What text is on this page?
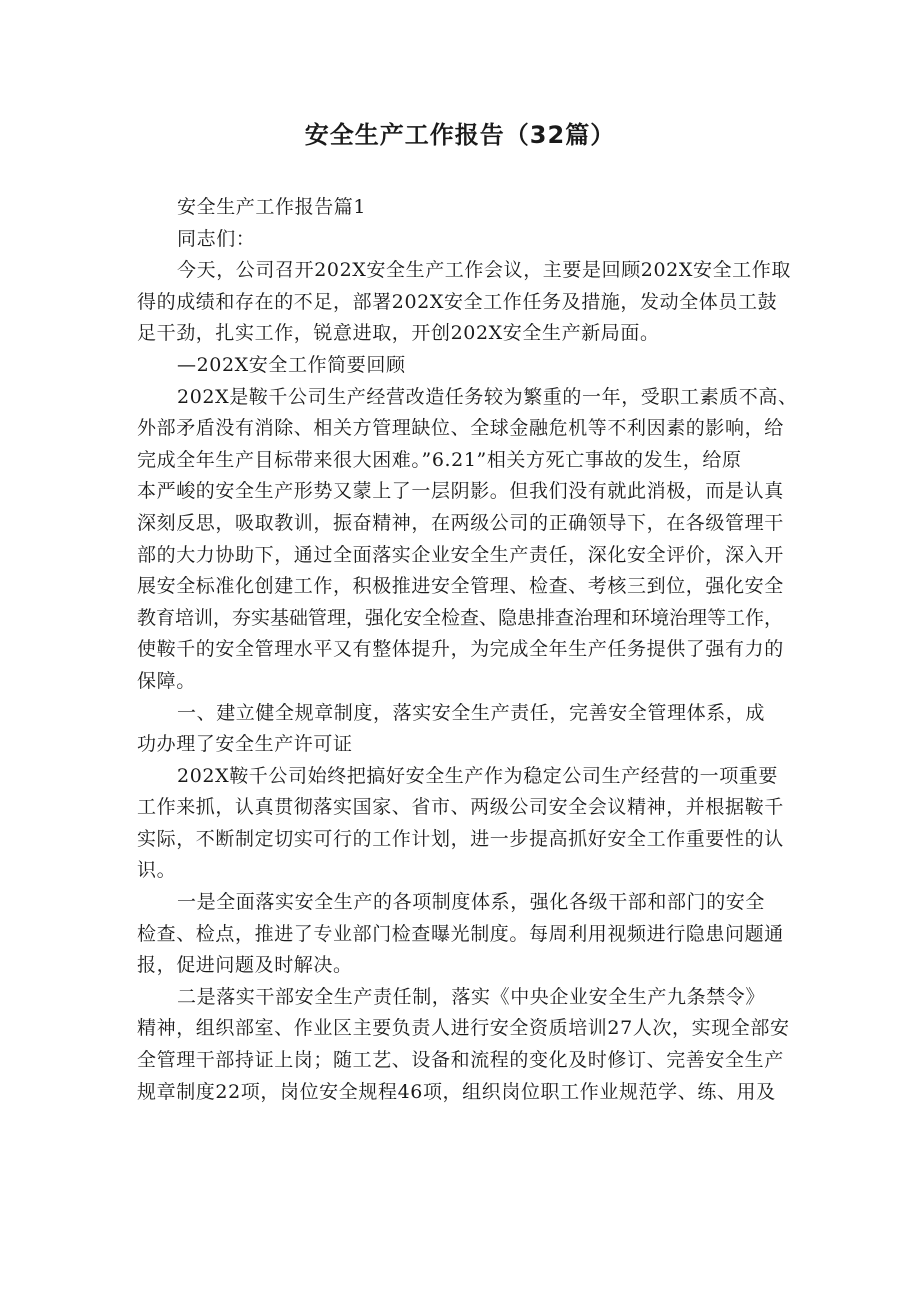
安全生产工作报告（32篇）
安全生产工作报告篇1
同志们：
今天，公司召开202X安全生产工作会议，主要是回顾202X安全工作取
得的成绩和存在的不足，部署202X安全工作任务及措施，发动全体员工鼓
足干劲，扎实工作，锐意进取，开创202X安全生产新局面。
—202X安全工作简要回顾
202X是鞍千公司生产经营改造任务较为繁重的一年，受职工素质不高、
外部矛盾没有消除、相关方管理缺位、全球金融危机等不利因素的影响，给
完成全年生产目标带来很大困难。”6.21”相关方死亡事故的发生，给原
本严峻的安全生产形势又蒙上了一层阴影。但我们没有就此消极，而是认真
深刻反思，吸取教训，振奋精神，在两级公司的正确领导下，在各级管理干
部的大力协助下，通过全面落实企业安全生产责任，深化安全评价，深入开
展安全标准化创建工作，积极推进安全管理、检查、考核三到位，强化安全
教育培训，夯实基础管理，强化安全检查、隐患排查治理和环境治理等工作，
使鞍千的安全管理水平又有整体提升，为完成全年生产任务提供了强有力的
保障。
一、建立健全规章制度，落实安全生产责任，完善安全管理体系，成
功办理了安全生产许可证
202X鞍千公司始终把搞好安全生产作为稳定公司生产经营的一项重要
工作来抓，认真贯彻落实国家、省市、两级公司安全会议精神，并根据鞍千
实际，不断制定切实可行的工作计划，进一步提高抓好安全工作重要性的认
识。
一是全面落实安全生产的各项制度体系，强化各级干部和部门的安全
检查、检点，推进了专业部门检查曝光制度。每周利用视频进行隐患问题通
报，促进问题及时解决。
二是落实干部安全生产责任制，落实《中央企业安全生产九条禁令》
精神，组织部室、作业区主要负责人进行安全资质培训27人次，实现全部安
全管理干部持证上岗；随工艺、设备和流程的变化及时修订、完善安全生产
规章制度22项，岗位安全规程46项，组织岗位职工作业规范学、练、用及
